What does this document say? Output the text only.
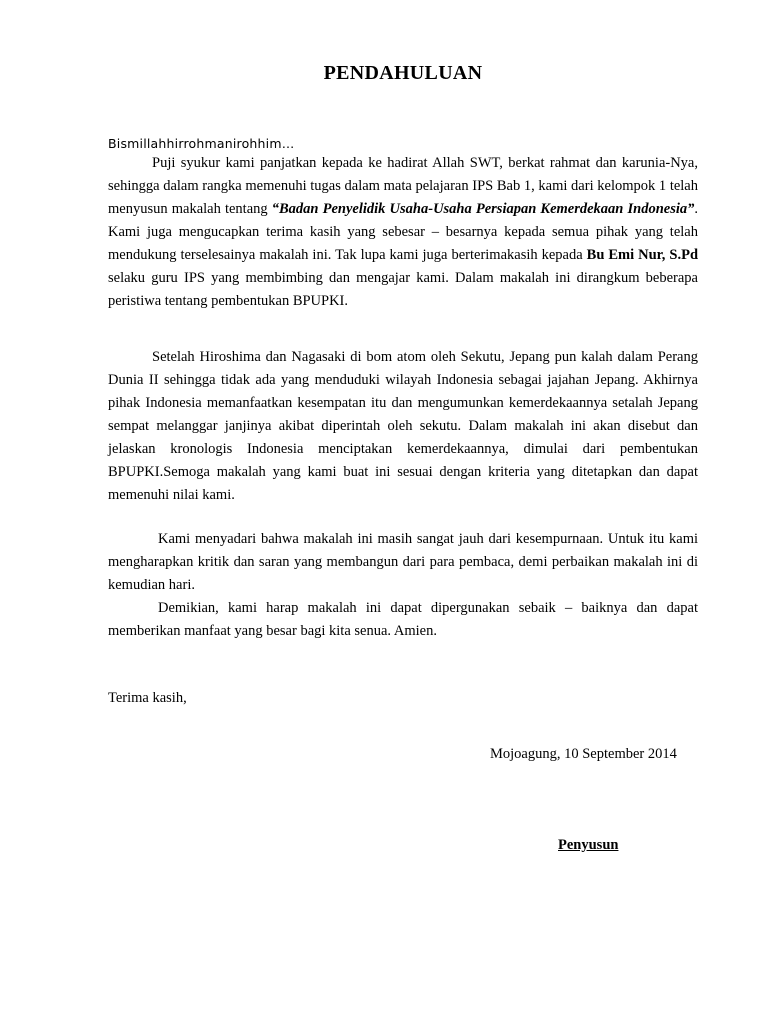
PENDAHULUAN
Bismillahhirrohmanirohhim…
Puji syukur kami panjatkan kepada ke hadirat Allah SWT, berkat rahmat dan karunia-Nya, sehingga dalam rangka memenuhi tugas dalam mata pelajaran IPS Bab 1, kami dari kelompok 1 telah menyusun makalah tentang “Badan Penyelidik Usaha-Usaha Persiapan Kemerdekaan Indonesia”. Kami juga mengucapkan terima kasih yang sebesar – besarnya kepada semua pihak yang telah mendukung terselesainya makalah ini. Tak lupa kami juga berterimakasih kepada Bu Emi Nur, S.Pd selaku guru IPS yang membimbing dan mengajar kami. Dalam makalah ini dirangkum beberapa peristiwa tentang pembentukan BPUPKI.
Setelah Hiroshima dan Nagasaki di bom atom oleh Sekutu, Jepang pun kalah dalam Perang Dunia II sehingga tidak ada yang menduduki wilayah Indonesia sebagai jajahan Jepang. Akhirnya pihak Indonesia memanfaatkan kesempatan itu dan mengumunkan kemerdekaannya setalah Jepang sempat melanggar janjinya akibat diperintah oleh sekutu. Dalam makalah ini akan disebut dan jelaskan kronologis Indonesia menciptakan kemerdekaannya, dimulai dari pembentukan BPUPKI.Semoga makalah yang kami buat ini sesuai dengan kriteria yang ditetapkan dan dapat memenuhi nilai kami.
Kami menyadari bahwa makalah ini masih sangat jauh dari kesempurnaan. Untuk itu kami mengharapkan kritik dan saran yang membangun dari para pembaca, demi perbaikan makalah ini di kemudian hari.
Demikian, kami harap makalah ini dapat dipergunakan sebaik – baiknya dan dapat memberikan manfaat yang besar bagi kita senua. Amien.
Terima kasih,
Mojoagung, 10 September 2014
Penyusun
